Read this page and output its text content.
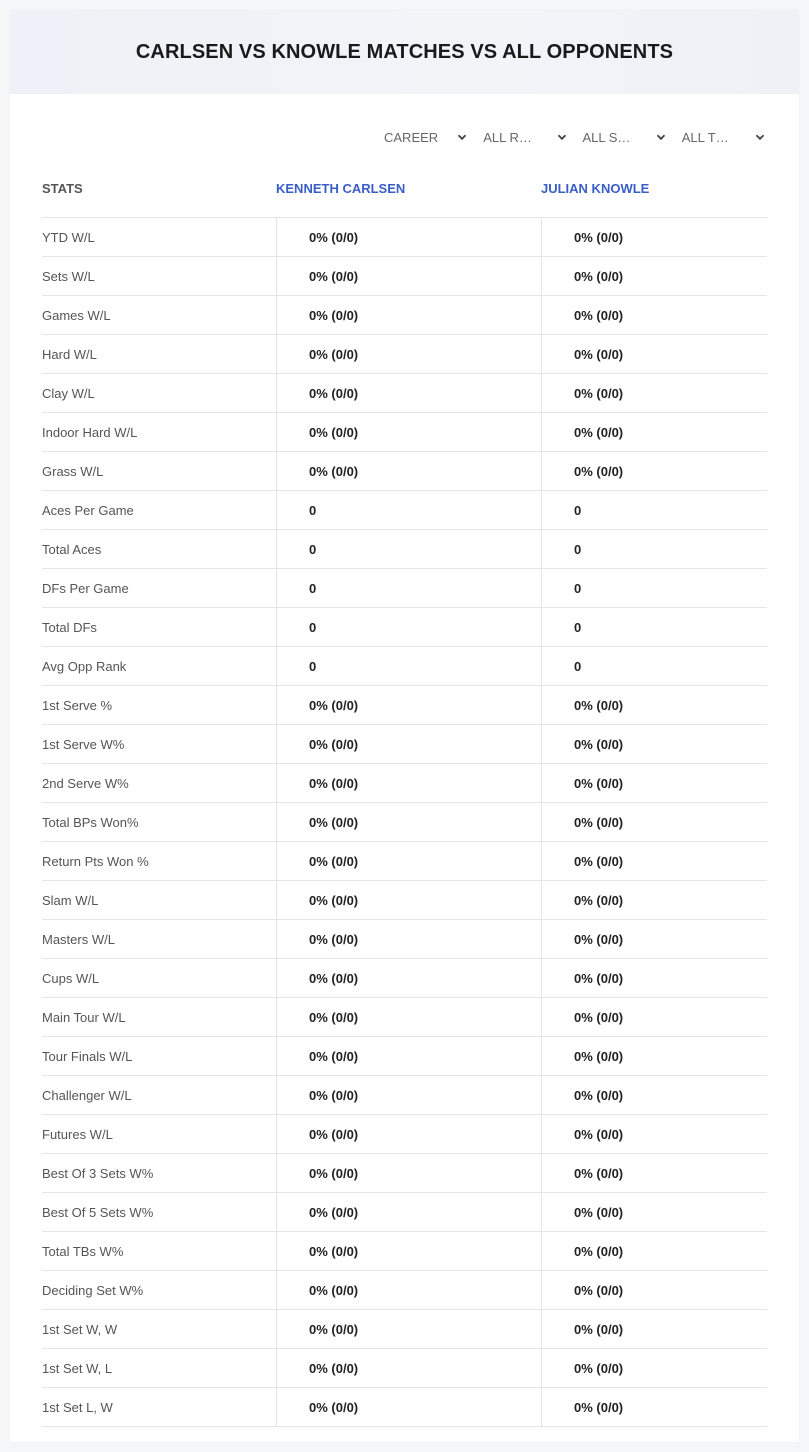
CARLSEN VS KNOWLE MATCHES VS ALL OPPONENTS
CAREER	ALL R…	ALL S…	ALL T…
STATS	KENNETH CARLSEN	JULIAN KNOWLE
YTD W/L	0% (0/0)	0% (0/0)
Sets W/L	0% (0/0)	0% (0/0)
Games W/L	0% (0/0)	0% (0/0)
Hard W/L	0% (0/0)	0% (0/0)
Clay W/L	0% (0/0)	0% (0/0)
Indoor Hard W/L	0% (0/0)	0% (0/0)
Grass W/L	0% (0/0)	0% (0/0)
Aces Per Game	0	0
Total Aces	0	0
DFs Per Game	0	0
Total DFs	0	0
Avg Opp Rank	0	0
1st Serve %	0% (0/0)	0% (0/0)
1st Serve W%	0% (0/0)	0% (0/0)
2nd Serve W%	0% (0/0)	0% (0/0)
Total BPs Won%	0% (0/0)	0% (0/0)
Return Pts Won %	0% (0/0)	0% (0/0)
Slam W/L	0% (0/0)	0% (0/0)
Masters W/L	0% (0/0)	0% (0/0)
Cups W/L	0% (0/0)	0% (0/0)
Main Tour W/L	0% (0/0)	0% (0/0)
Tour Finals W/L	0% (0/0)	0% (0/0)
Challenger W/L	0% (0/0)	0% (0/0)
Futures W/L	0% (0/0)	0% (0/0)
Best Of 3 Sets W%	0% (0/0)	0% (0/0)
Best Of 5 Sets W%	0% (0/0)	0% (0/0)
Total TBs W%	0% (0/0)	0% (0/0)
Deciding Set W%	0% (0/0)	0% (0/0)
1st Set W, W	0% (0/0)	0% (0/0)
1st Set W, L	0% (0/0)	0% (0/0)
1st Set L, W	0% (0/0)	0% (0/0)
